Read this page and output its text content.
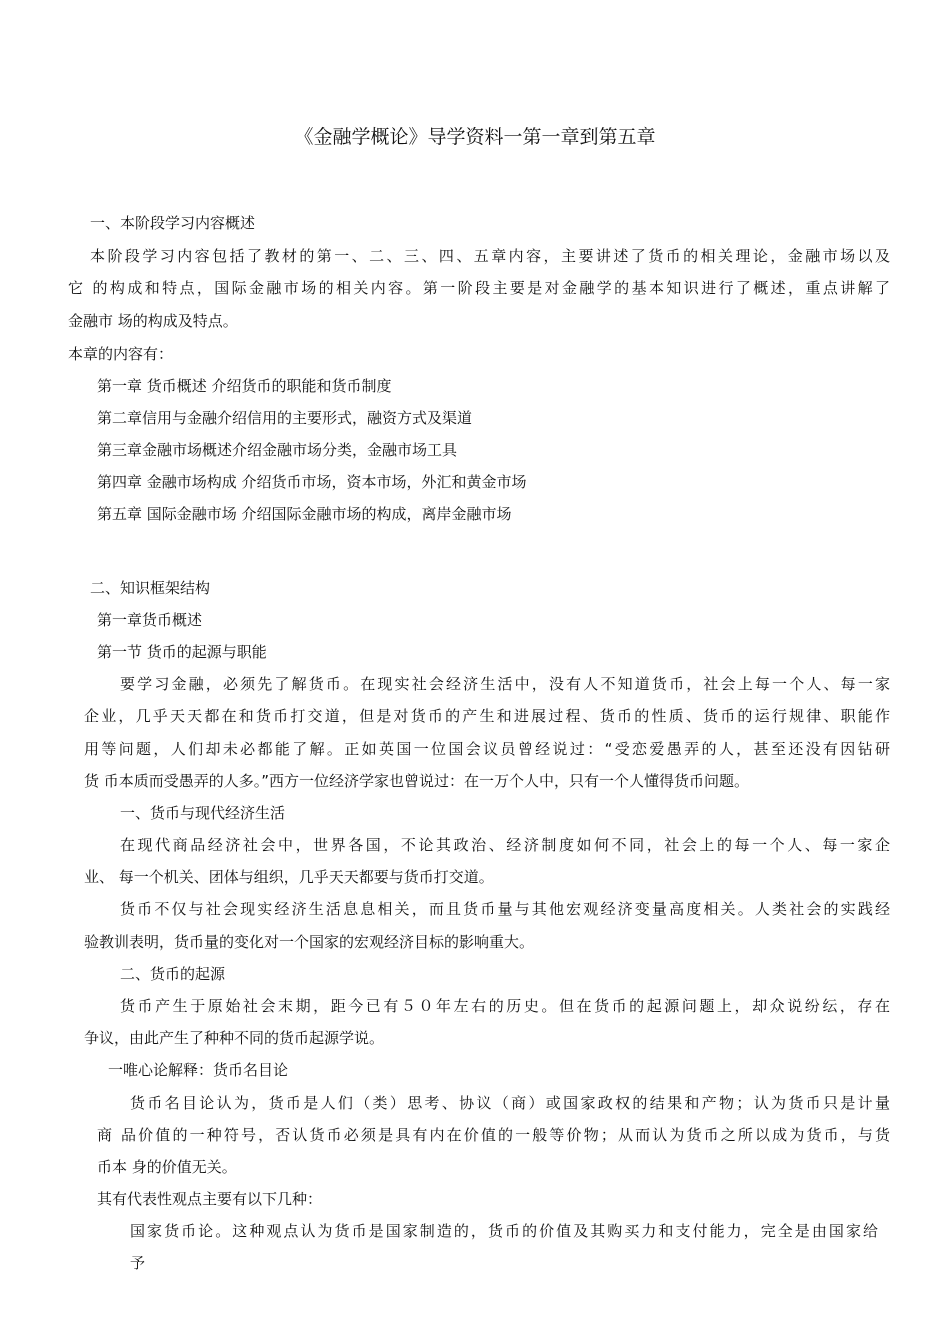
《金融学概论》导学资料一第一章到第五章
一、本阶段学习内容概述
本阶段学习内容包括了教材的第一、二、三、四、五章内容，主要讲述了货币的相关理论，金融市场以及
它 的构成和特点，国际金融市场的相关内容。第一阶段主要是对金融学的基本知识进行了概述，重点讲解了
金融市 场的构成及特点。
本章的内容有：
第一章 货币概述 介绍货币的职能和货币制度
第二章信用与金融介绍信用的主要形式，融资方式及渠道
第三章金融市场概述介绍金融市场分类，金融市场工具
第四章 金融市场构成 介绍货币市场，资本市场，外汇和黄金市场
第五章 国际金融市场 介绍国际金融市场的构成，离岸金融市场
二、知识框架结构
第一章货币概述
第一节 货币的起源与职能
要学习金融，必须先了解货币。在现实社会经济生活中，没有人不知道货币，社会上每一个人、每一家
企业，几乎天天都在和货币打交道，但是对货币的产生和进展过程、货币的性质、货币的运行规律、职能作
用等问题，人们却未必都能了解。正如英国一位国会议员曾经说过：“受恋爱愚弄的人，甚至还没有因钻研
货 币本质而受愚弄的人多。”西方一位经济学家也曾说过：在一万个人中，只有一个人懂得货币问题。
一、货币与现代经济生活
在现代商品经济社会中，世界各国，不论其政治、经济制度如何不同，社会上的每一个人、每一家企
业、 每一个机关、团体与组织，几乎天天都要与货币打交道。
货币不仅与社会现实经济生活息息相关，而且货币量与其他宏观经济变量高度相关。人类社会的实践经
验教训表明，货币量的变化对一个国家的宏观经济目标的影响重大。
二、货币的起源
货币产生于原始社会末期，距今已有５０年左右的历史。但在货币的起源问题上，却众说纷纭，存在
争议，由此产生了种种不同的货币起源学说。
一唯心论解释：货币名目论
货币名目论认为，货币是人们（类）思考、协议（商）或国家政权的结果和产物；认为货币只是计量
商 品价值的一种符号，否认货币必须是具有内在价值的一般等价物；从而认为货币之所以成为货币，与货
币本 身的价值无关。
其有代表性观点主要有以下几种：
国家货币论。这种观点认为货币是国家制造的，货币的价值及其购买力和支付能力，完全是由国家给
予
